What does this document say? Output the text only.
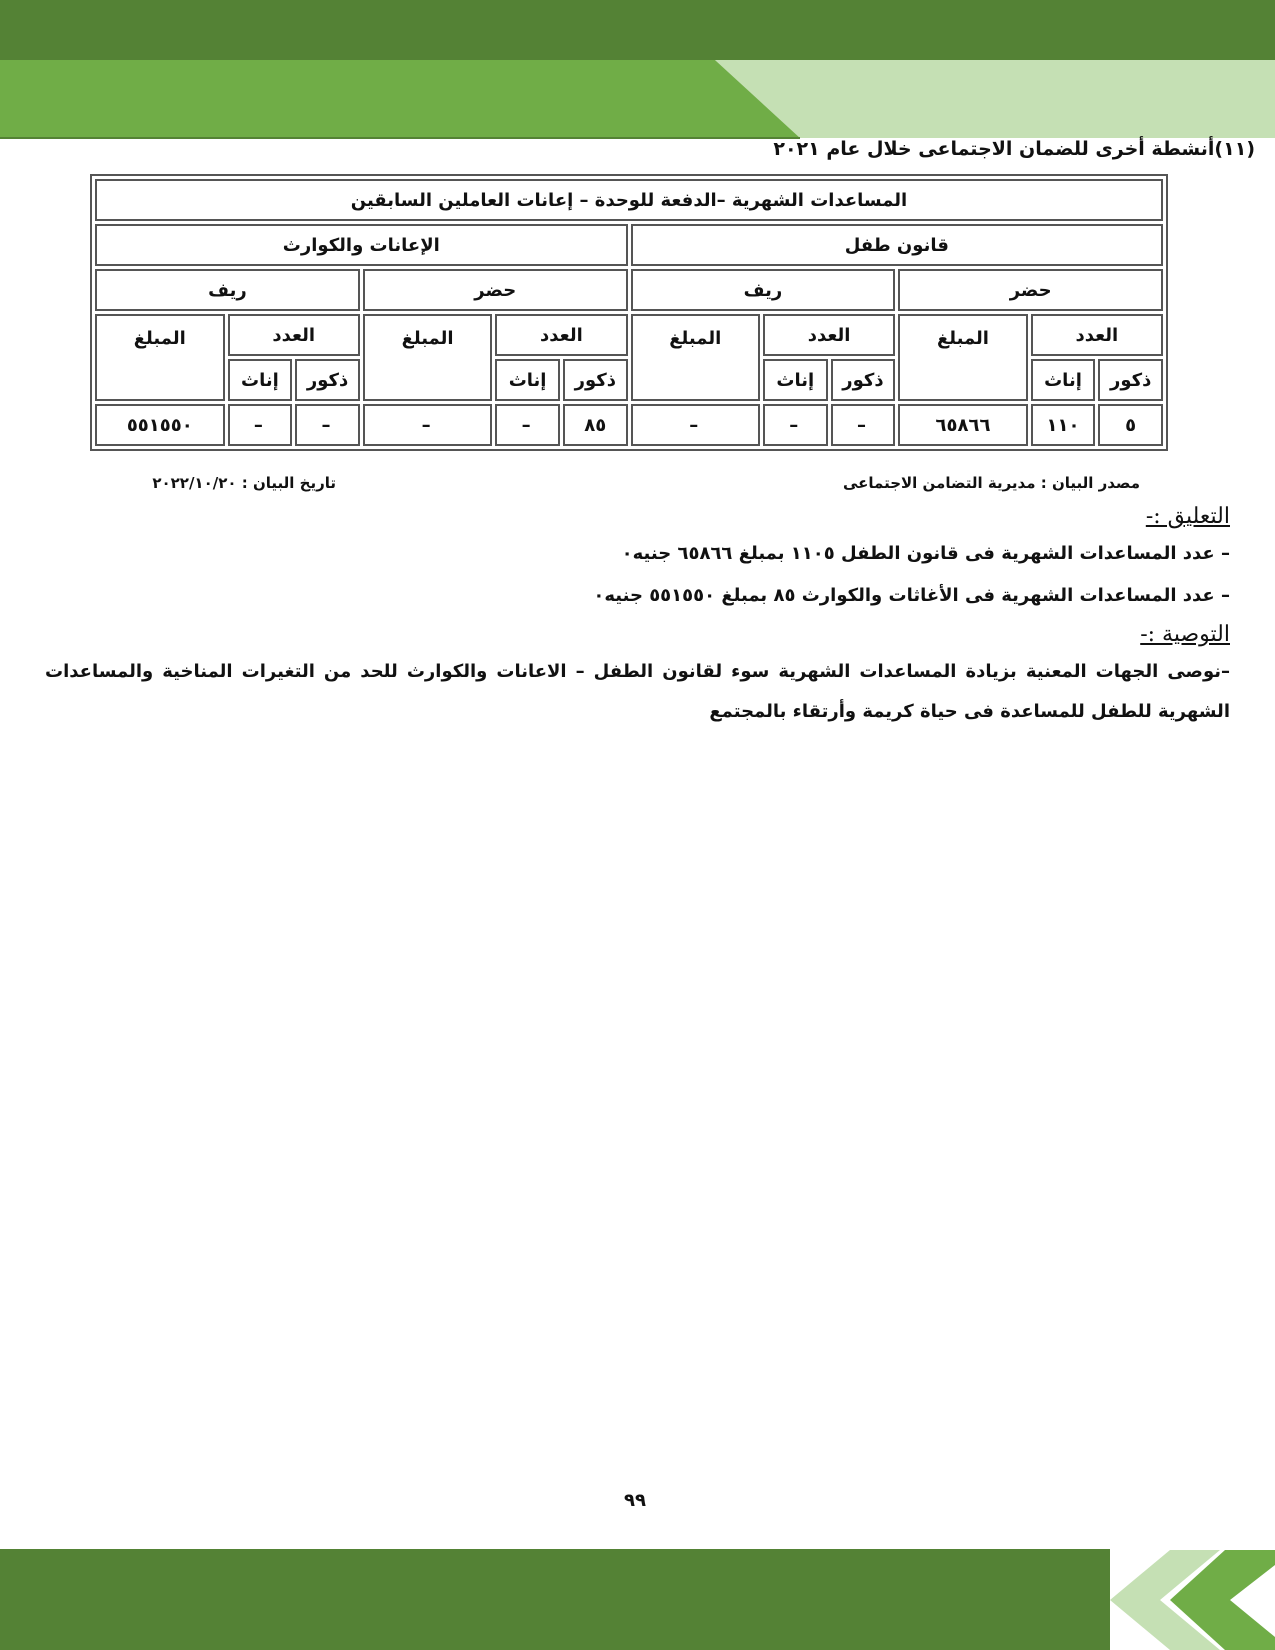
(١١)أنشطة أخرى للضمان الاجتماعى خلال عام ٢٠٢١
المساعدات الشهرية –الدفعة للوحدة – إعانات العاملين السابقين											
قانون طفل						الإعانات والكوارث					
حضر			ريف			حضر			ريف		
العدد		المبلغ	العدد		المبلغ	العدد		المبلغ	العدد		المبلغ
ذكور	إناث		ذكور	إناث		ذكور	إناث		ذكور	إناث	
٥	١١٠	٦٥٨٦٦	–	–	–	٨٥	–	–	–	–	٥٥١٥٥٠
مصدر البيان : مديرية التضامن الاجتماعى
تاريخ البيان : ٢٠٢٢/١٠/٢٠
التعليق :-
– عدد المساعدات الشهرية فى قانون الطفل ١١٠٥ بمبلغ ٦٥٨٦٦ جنيه٠
– عدد المساعدات الشهرية فى الأغاثات والكوارث ٨٥ بمبلغ ٥٥١٥٥٠ جنيه٠
التوصية :-
–نوصى الجهات المعنية بزيادة المساعدات الشهرية سوء لقانون الطفل – الاعانات والكوارث للحد من التغيرات المناخية والمساعدات الشهرية للطفل للمساعدة فى حياة كريمة وأرتقاء بالمجتمع
٩٩
